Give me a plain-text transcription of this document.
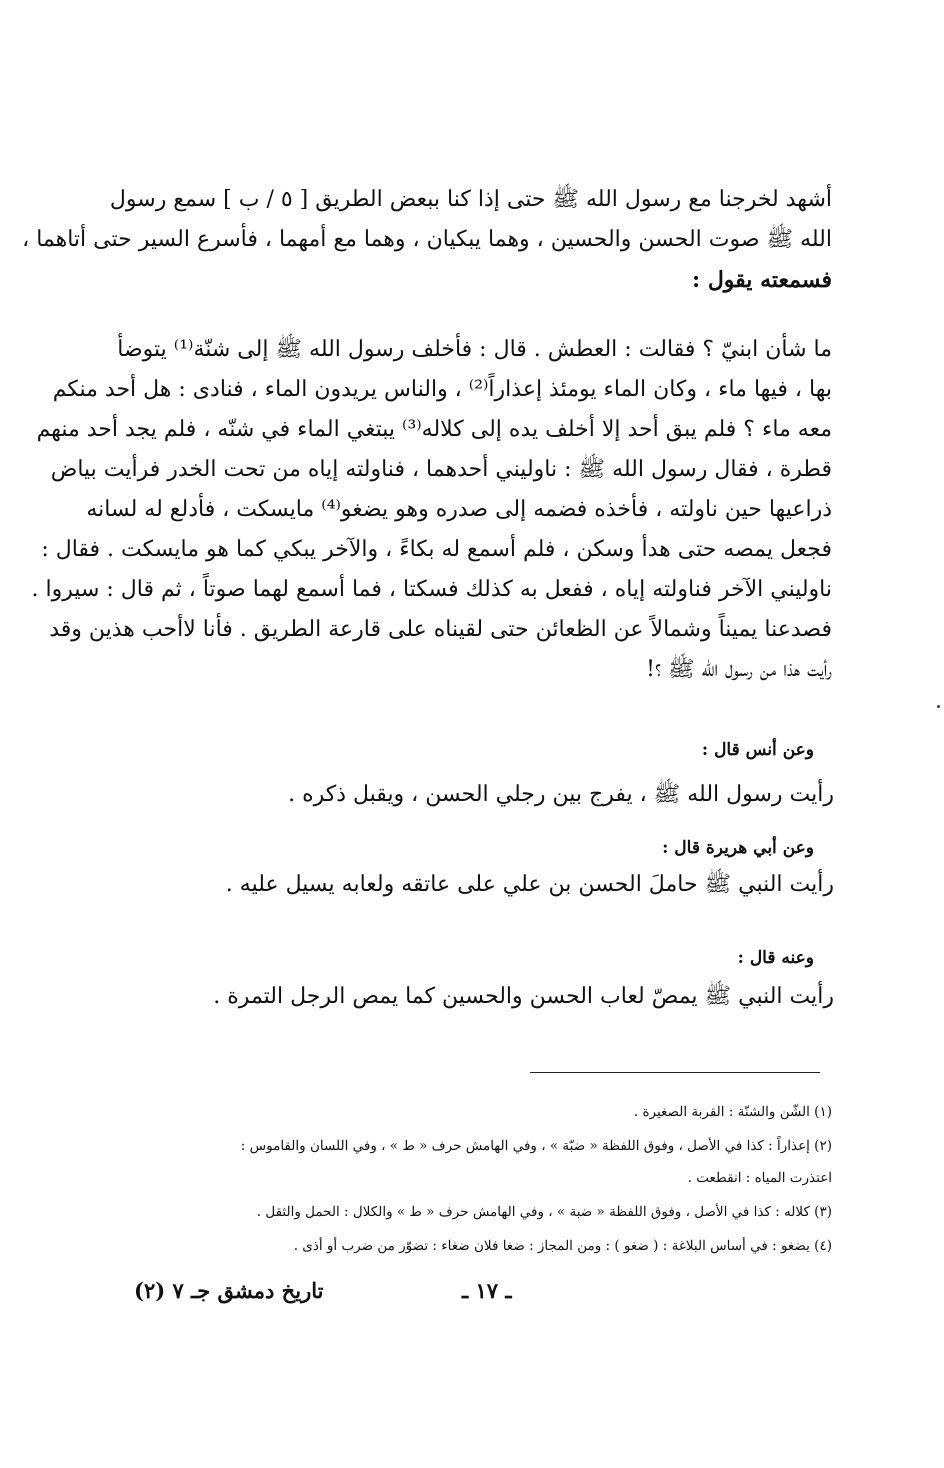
أشهد لخرجنا مع رسول الله ﷺ حتى إذا كنا ببعض الطريق [ ٥ / ب ] سمع رسول
الله ﷺ صوت الحسن والحسين ، وهما يبكيان ، وهما مع أمهما ، فأسرع السير حتى أتاهما ،
فسمعته يقول :
ما شأن ابنيّ ؟ فقالت : العطش . قال : فأخلف رسول الله ﷺ إلى شنّة⁽¹⁾ يتوضأ
بها ، فيها ماء ، وكان الماء يومئذ إعذاراً⁽²⁾ ، والناس يريدون الماء ، فنادى : هل أحد منكم
معه ماء ؟ فلم يبق أحد إلا أخلف يده إلى كلاله⁽³⁾ يبتغي الماء في شنّه ، فلم يجد أحد منهم
قطرة ، فقال رسول الله ﷺ : ناوليني أحدهما ، فناولته إياه من تحت الخدر فرأيت بياض
ذراعيها حين ناولته ، فأخذه فضمه إلى صدره وهو يضغو⁽⁴⁾ مايسكت ، فأدلع له لسانه
فجعل يمصه حتى هدأ وسكن ، فلم أسمع له بكاءً ، والآخر يبكي كما هو مايسكت . فقال :
ناوليني الآخر فناولته إياه ، ففعل به كذلك فسكتا ، فما أسمع لهما صوتاً ، ثم قال : سيروا .
فصدعنا يميناً وشمالاً عن الظعائن حتى لقيناه على قارعة الطريق . فأنا لاأحب هذين وقد
رأيت هذا من رسول الله ﷺ ؟!

وعن أنس قال :

رأيت رسول الله ﷺ ، يفرج بين رجلي الحسن ، ويقبل ذكره .

وعن أبي هريرة قال :

رأيت النبي ﷺ حاملَ الحسن بن علي على عاتقه ولعابه يسيل عليه .

وعنه قال :

رأيت النبي ﷺ يمصّ لعاب الحسن والحسين كما يمص الرجل التمرة .

(١) الشّن والشنّة : القربة الصغيرة .

(٢) إعذاراً : كذا في الأصل ، وفوق اللفظة « ضبّة » ، وفي الهامش حرف « ط » ، وفي اللسان والقاموس :

اعتذرت المياه : انقطعت .

(٣) كلاله : كذا في الأصل ، وفوق اللفظة « ضبة » ، وفي الهامش حرف « ط » والكلال : الحمل والثقل .

(٤) يضغو : في أساس البلاغة : ( ضغو ) : ومن المجاز : ضغا فلان ضغاء : تضوّر من ضرب أو أذى .

تاريخ دمشق جـ ٧ (٢)	ـ ١٧ ـ
